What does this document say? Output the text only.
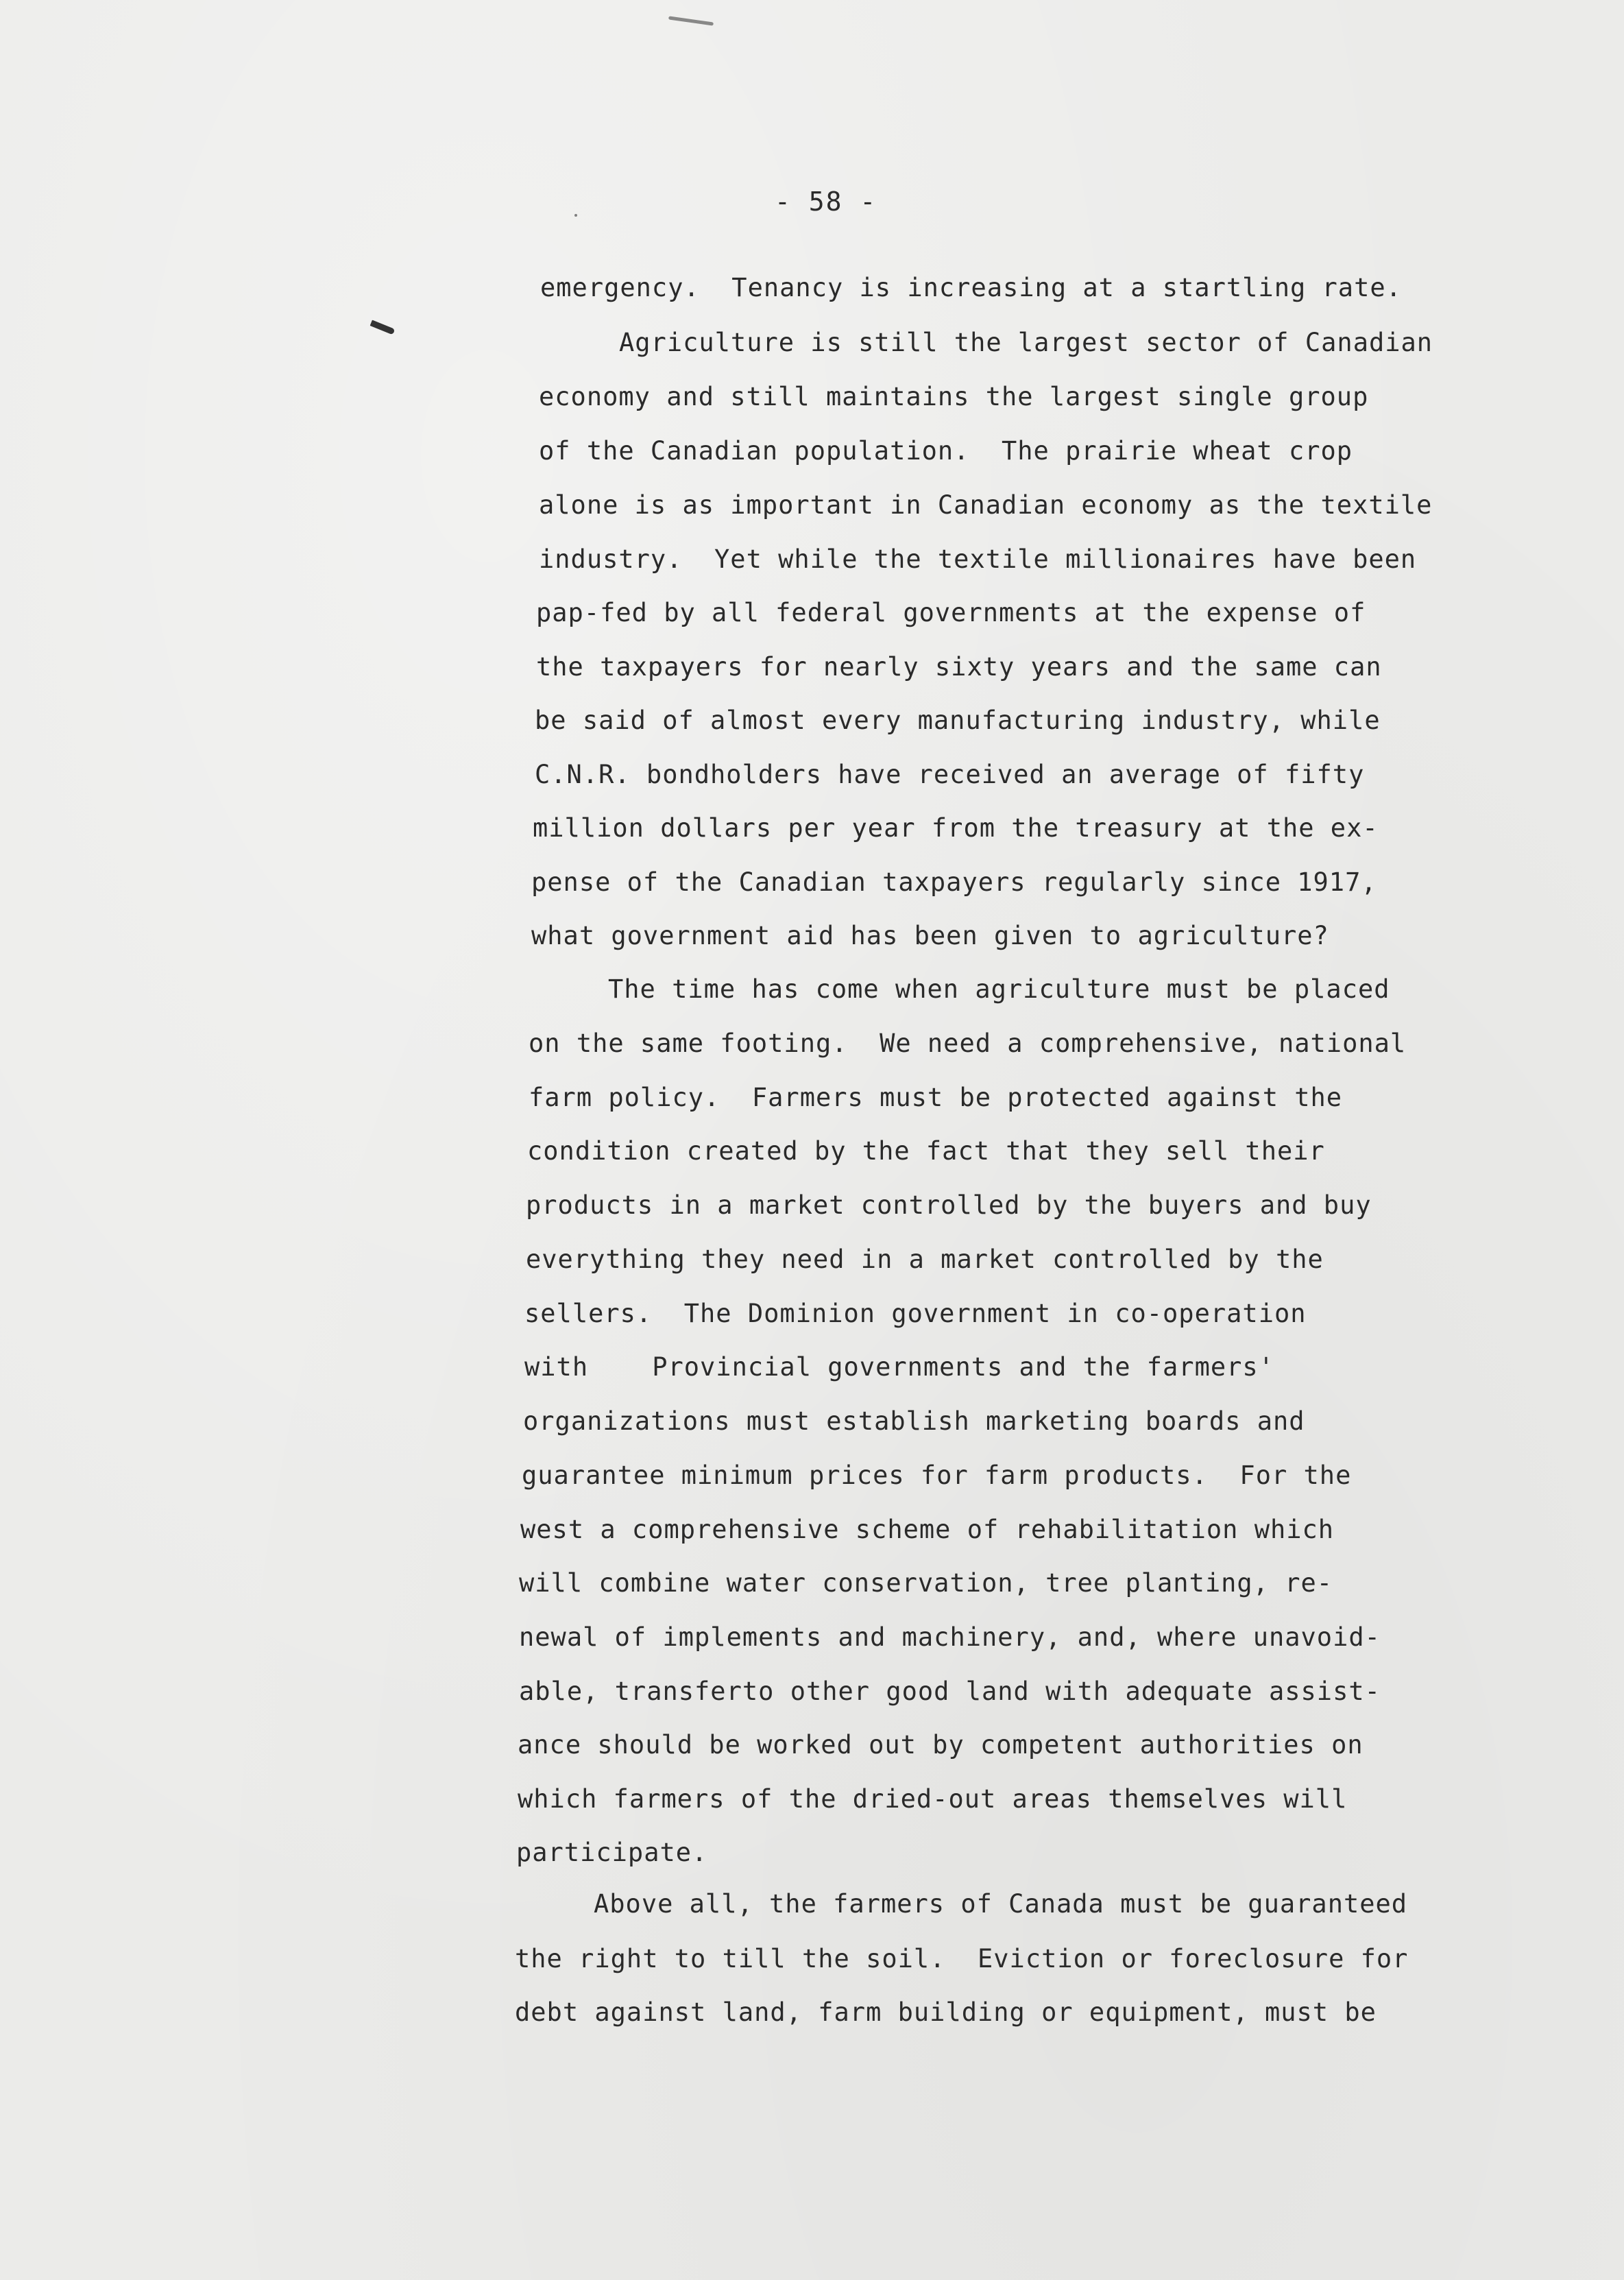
- 58 -
emergency.  Tenancy is increasing at a startling rate.
Agriculture is still the largest sector of Canadian
economy and still maintains the largest single group
of the Canadian population.  The prairie wheat crop
alone is as important in Canadian economy as the textile
industry.  Yet while the textile millionaires have been
pap-fed by all federal governments at the expense of
the taxpayers for nearly sixty years and the same can
be said of almost every manufacturing industry, while
C.N.R. bondholders have received an average of fifty
million dollars per year from the treasury at the ex-
pense of the Canadian taxpayers regularly since 1917,
what government aid has been given to agriculture?
The time has come when agriculture must be placed
on the same footing.  We need a comprehensive, national
farm policy.  Farmers must be protected against the
condition created by the fact that they sell their
products in a market controlled by the buyers and buy
everything they need in a market controlled by the
sellers.  The Dominion government in co-operation
with    Provincial governments and the farmers'
organizations must establish marketing boards and
guarantee minimum prices for farm products.  For the
west a comprehensive scheme of rehabilitation which
will combine water conservation, tree planting, re-
newal of implements and machinery, and, where unavoid-
able, transferto other good land with adequate assist-
ance should be worked out by competent authorities on
which farmers of the dried-out areas themselves will
participate.
Above all, the farmers of Canada must be guaranteed
the right to till the soil.  Eviction or foreclosure for
debt against land, farm building or equipment, must be
